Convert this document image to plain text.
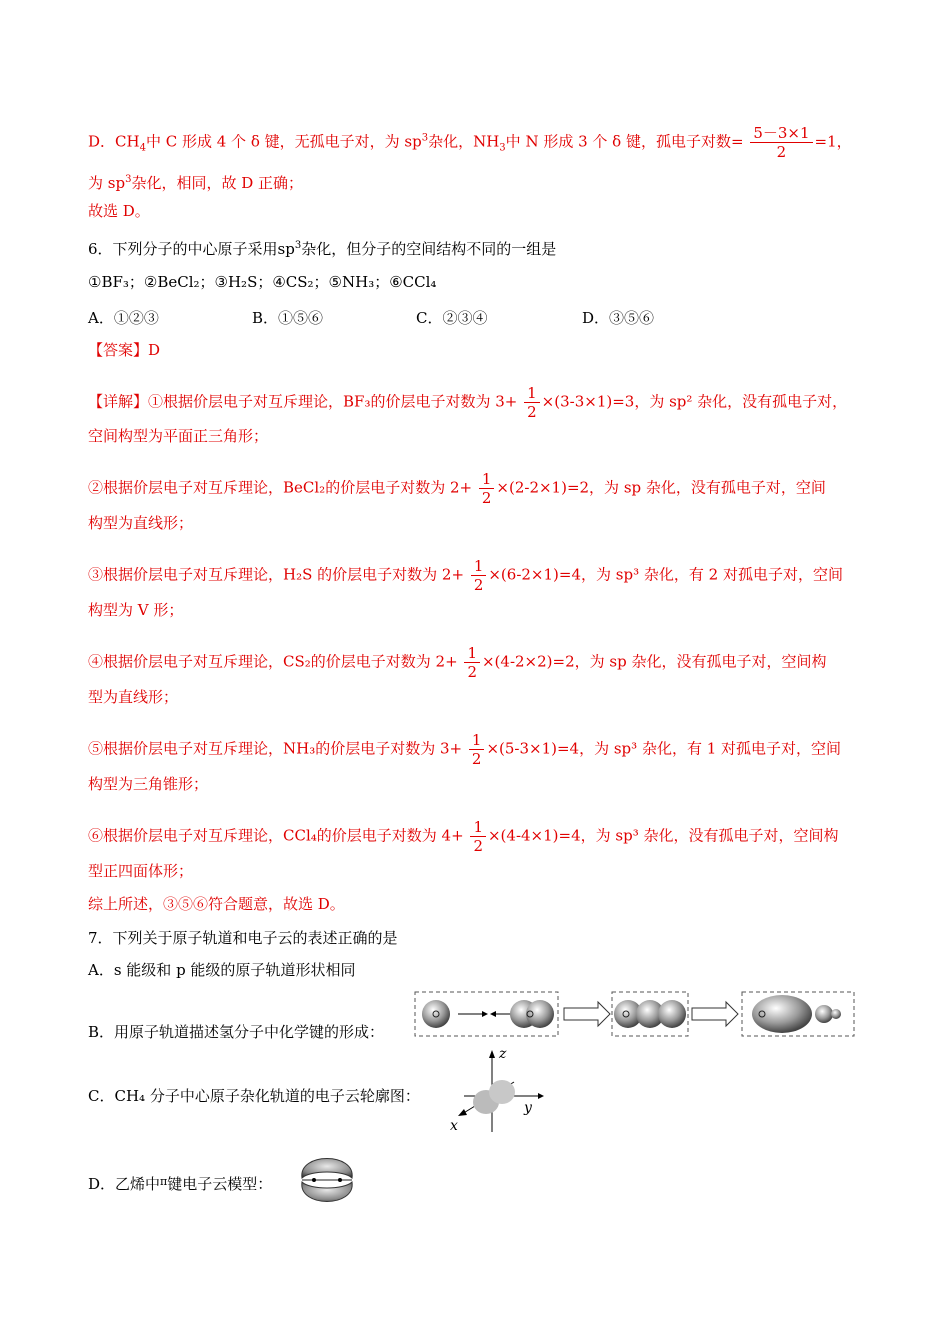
D．$CH_4$中 C 形成 4 个 δ 键，无孤电子对，为 $sp^3$杂化，$NH_3$中 N 形成 3 个 δ 键，孤电子对数= $\frac{5-3\times 1}{2} =1$，
为 $sp^3$杂化，相同，故 D 正确；
故选 D。
6．下列分子的中心原子采用$sp^3$杂化，但分子的空间结构不同的一组是
①BF₃；②BeCl₂；③H₂S；④CS₂；⑤NH₃；⑥CCl₄
A．①②③	B．①⑤⑥	C．②③④	D．③⑤⑥
【答案】D
【详解】①根据价层电子对互斥理论，BF₃的价层电子对数为 $3+ \frac{1}{2} \times(3-3\times 1)=3$，为 sp² 杂化，没有孤电子对，
空间构型为平面正三角形；
②根据价层电子对互斥理论，BeCl₂的价层电子对数为 $2+ \frac{1}{2} \times(2-2\times 1)=2$，为 sp 杂化，没有孤电子对，空间
构型为直线形；
③根据价层电子对互斥理论，H₂S 的价层电子对数为 $2+ \frac{1}{2} \times(6-2\times 1)=4$，为 sp³ 杂化，有 2 对孤电子对，空间
构型为 V 形；
④根据价层电子对互斥理论，CS₂的价层电子对数为 $2+ \frac{1}{2} \times(4-2\times 2)=2$，为 sp 杂化，没有孤电子对，空间构
型为直线形；
⑤根据价层电子对互斥理论，NH₃的价层电子对数为 $3+ \frac{1}{2} \times(5-3\times 1)=4$，为 sp³ 杂化，有 1 对孤电子对，空间
构型为三角锥形；
⑥根据价层电子对互斥理论，CCl₄的价层电子对数为 $4+ \frac{1}{2} \times(4-4\times 1)=4$，为 sp³ 杂化，没有孤电子对，空间构
型正四面体形；
综上所述，③⑤⑥符合题意，故选 D。
7．下列关于原子轨道和电子云的表述正确的是
A．s 能级和 p 能级的原子轨道形状相同
B．用原子轨道描述氢分子中化学键的形成：
C．CH₄ 分子中心原子杂化轨道的电子云轮廓图：
z
y
x
D．乙烯中$^\pi$键电子云模型：
